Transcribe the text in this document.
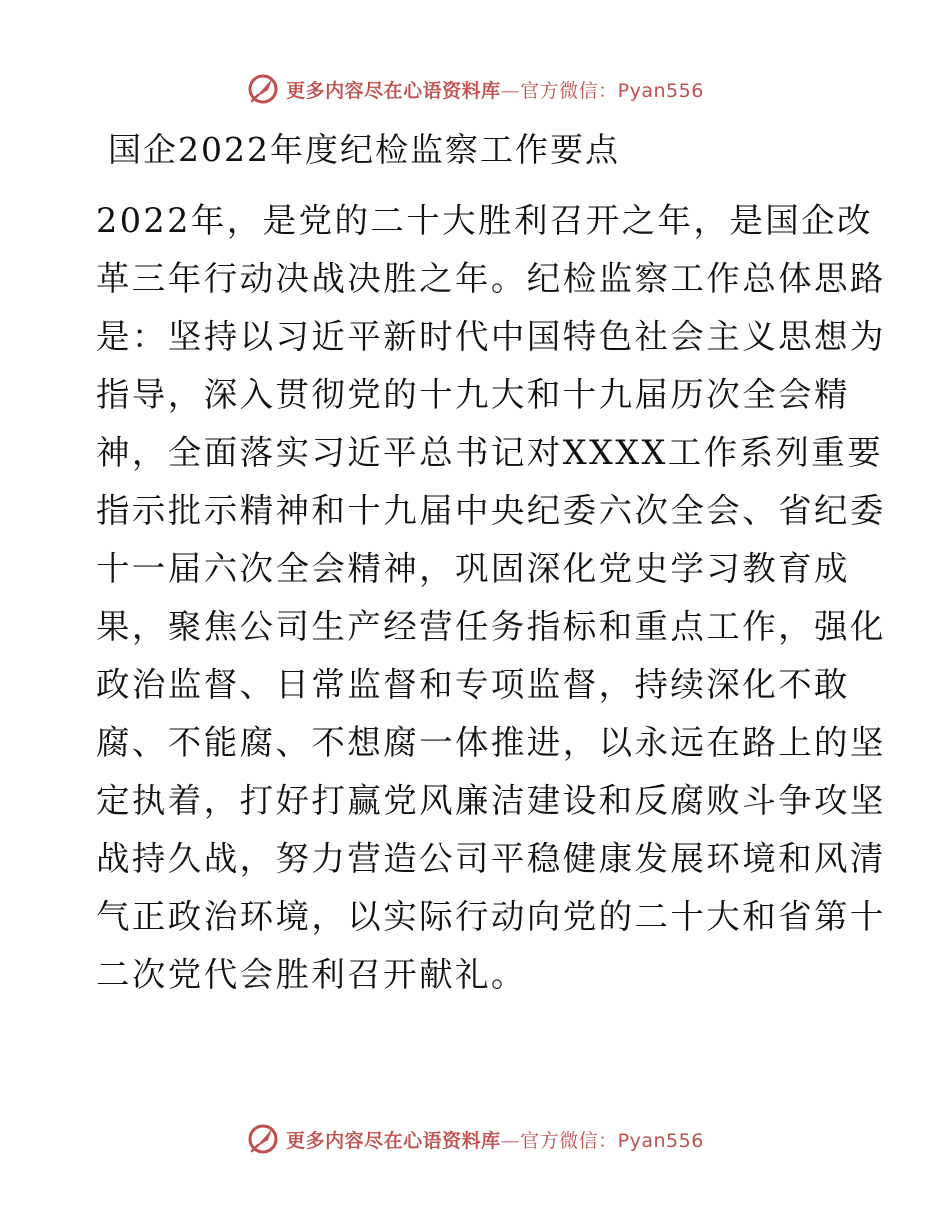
更多内容尽在心语资料库—官方微信：Pyan556
国企2022年度纪检监察工作要点
2022年，是党的二十大胜利召开之年，是国企改
革三年行动决战决胜之年。纪检监察工作总体思路
是：坚持以习近平新时代中国特色社会主义思想为
指导，深入贯彻党的十九大和十九届历次全会精
神，全面落实习近平总书记对XXXX工作系列重要
指示批示精神和十九届中央纪委六次全会、省纪委
十一届六次全会精神，巩固深化党史学习教育成
果，聚焦公司生产经营任务指标和重点工作，强化
政治监督、日常监督和专项监督，持续深化不敢
腐、不能腐、不想腐一体推进，以永远在路上的坚
定执着，打好打赢党风廉洁建设和反腐败斗争攻坚
战持久战，努力营造公司平稳健康发展环境和风清
气正政治环境，以实际行动向党的二十大和省第十
二次党代会胜利召开献礼。
更多内容尽在心语资料库—官方微信：Pyan556
